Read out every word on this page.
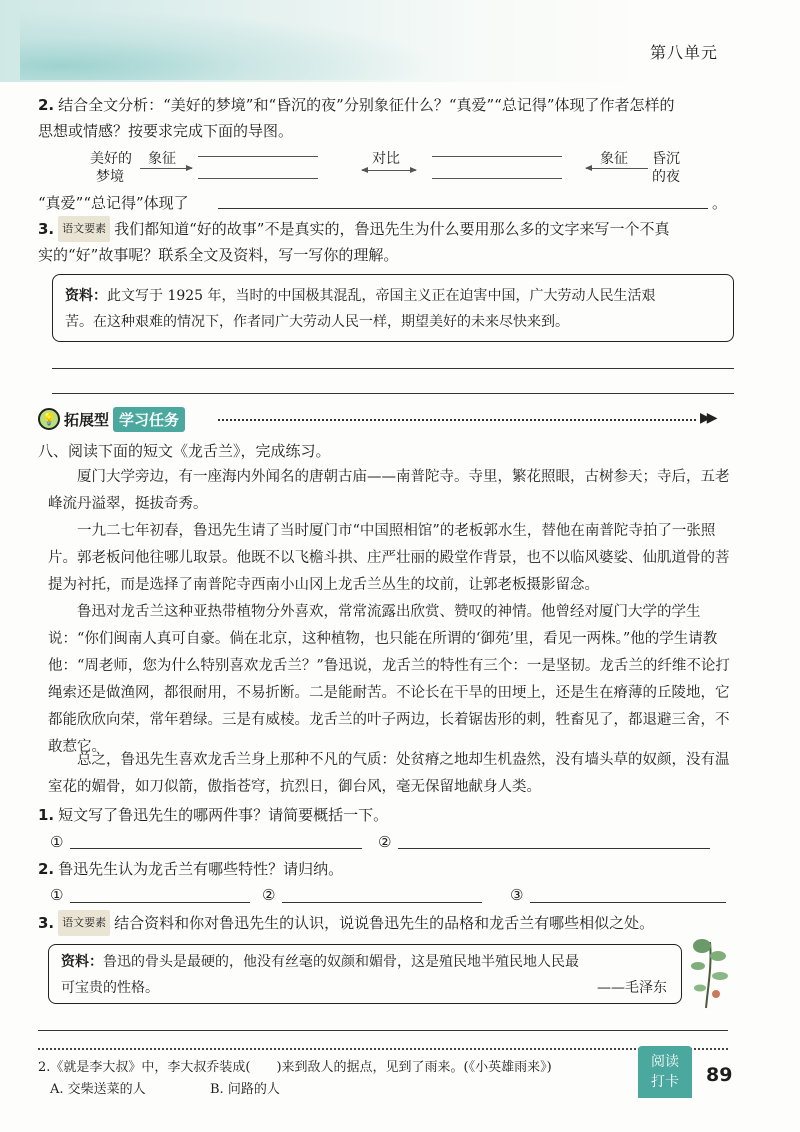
第八单元
2. 结合全文分析：“美好的梦境”和“昏沉的夜”分别象征什么？“真爱”“总记得”体现了作者怎样的
思想或情感？按要求完成下面的导图。
美好的
梦境
象征	对比	象征 昏沉
的夜
“真爱”“总记得”体现了	。
3. 语文要素 我们都知道“好的故事”不是真实的，鲁迅先生为什么要用那么多的文字来写一个不真
实的“好”故事呢？联系全文及资料，写一写你的理解。
资料：此文写于 1925 年，当时的中国极其混乱，帝国主义正在迫害中国，广大劳动人民生活艰
苦。在这种艰难的情况下，作者同广大劳动人民一样，期望美好的未来尽快来到。
💡 拓展型 学习任务	▶▶
八、阅读下面的短文《龙舌兰》，完成练习。
厦门大学旁边，有一座海内外闻名的唐朝古庙——南普陀寺。寺里，繁花照眼，古树参天；寺后，五老峰流丹溢翠，挺拔奇秀。
一九二七年初春，鲁迅先生请了当时厦门市“中国照相馆”的老板郭水生，替他在南普陀寺拍了一张照片。郭老板问他往哪儿取景。他既不以飞檐斗拱、庄严壮丽的殿堂作背景，也不以临风婆娑、仙肌道骨的菩提为衬托，而是选择了南普陀寺西南小山冈上龙舌兰丛生的坟前，让郭老板摄影留念。
鲁迅对龙舌兰这种亚热带植物分外喜欢，常常流露出欣赏、赞叹的神情。他曾经对厦门大学的学生说：“你们闽南人真可自豪。倘在北京，这种植物，也只能在所谓的‘御苑’里，看见一两株。”他的学生请教他：“周老师，您为什么特别喜欢龙舌兰？”鲁迅说，龙舌兰的特性有三个：一是坚韧。龙舌兰的纤维不论打绳索还是做渔网，都很耐用，不易折断。二是能耐苦。不论长在干旱的田埂上，还是生在瘠薄的丘陵地，它都能欣欣向荣，常年碧绿。三是有威棱。龙舌兰的叶子两边，长着锯齿形的刺，牲畜见了，都退避三舍，不敢惹它。
总之，鲁迅先生喜欢龙舌兰身上那种不凡的气质：处贫瘠之地却生机盎然，没有墙头草的奴颜，没有温室花的媚骨，如刀似箭，傲指苍穹，抗烈日，御台风，毫无保留地献身人类。
1. 短文写了鲁迅先生的哪两件事？请简要概括一下。
①	②
2. 鲁迅先生认为龙舌兰有哪些特性？请归纳。
①	②	③
3. 语文要素 结合资料和你对鲁迅先生的认识，说说鲁迅先生的品格和龙舌兰有哪些相似之处。
资料：鲁迅的骨头是最硬的，他没有丝毫的奴颜和媚骨，这是殖民地半殖民地人民最
可宝贵的性格。	——毛泽东
2.《就是李大叔》中，李大叔乔装成(　　)来到敌人的据点，见到了雨来。(《小英雄雨来》)
A. 交柴送菜的人	B. 问路的人
阅读
打卡	89
